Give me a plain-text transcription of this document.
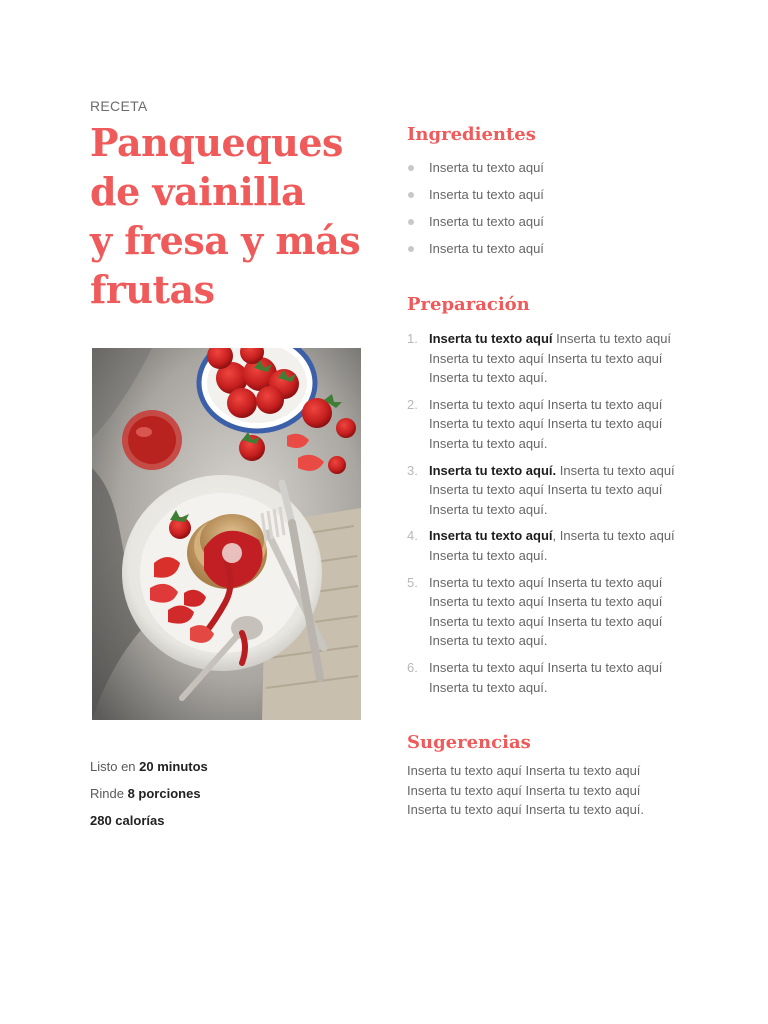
RECETA

Panqueques
de vainilla
y fresa y más
frutas
Listo en 20 minutos
Rinde 8 porciones
280 calorías
Ingredientes
Inserta tu texto aquí
Inserta tu texto aquí
Inserta tu texto aquí
Inserta tu texto aquí
Preparación
1. Inserta tu texto aquí Inserta tu texto aquí Inserta tu texto aquí Inserta tu texto aquí Inserta tu texto aquí.
2. Inserta tu texto aquí Inserta tu texto aquí Inserta tu texto aquí Inserta tu texto aquí Inserta tu texto aquí.
3. Inserta tu texto aquí. Inserta tu texto aquí Inserta tu texto aquí Inserta tu texto aquí Inserta tu texto aquí.
4. Inserta tu texto aquí, Inserta tu texto aquí Inserta tu texto aquí.
5. Inserta tu texto aquí Inserta tu texto aquí Inserta tu texto aquí Inserta tu texto aquí Inserta tu texto aquí Inserta tu texto aquí Inserta tu texto aquí.
6. Inserta tu texto aquí Inserta tu texto aquí Inserta tu texto aquí.
Sugerencias

Inserta tu texto aquí Inserta tu texto aquí Inserta tu texto aquí Inserta tu texto aquí Inserta tu texto aquí Inserta tu texto aquí.
